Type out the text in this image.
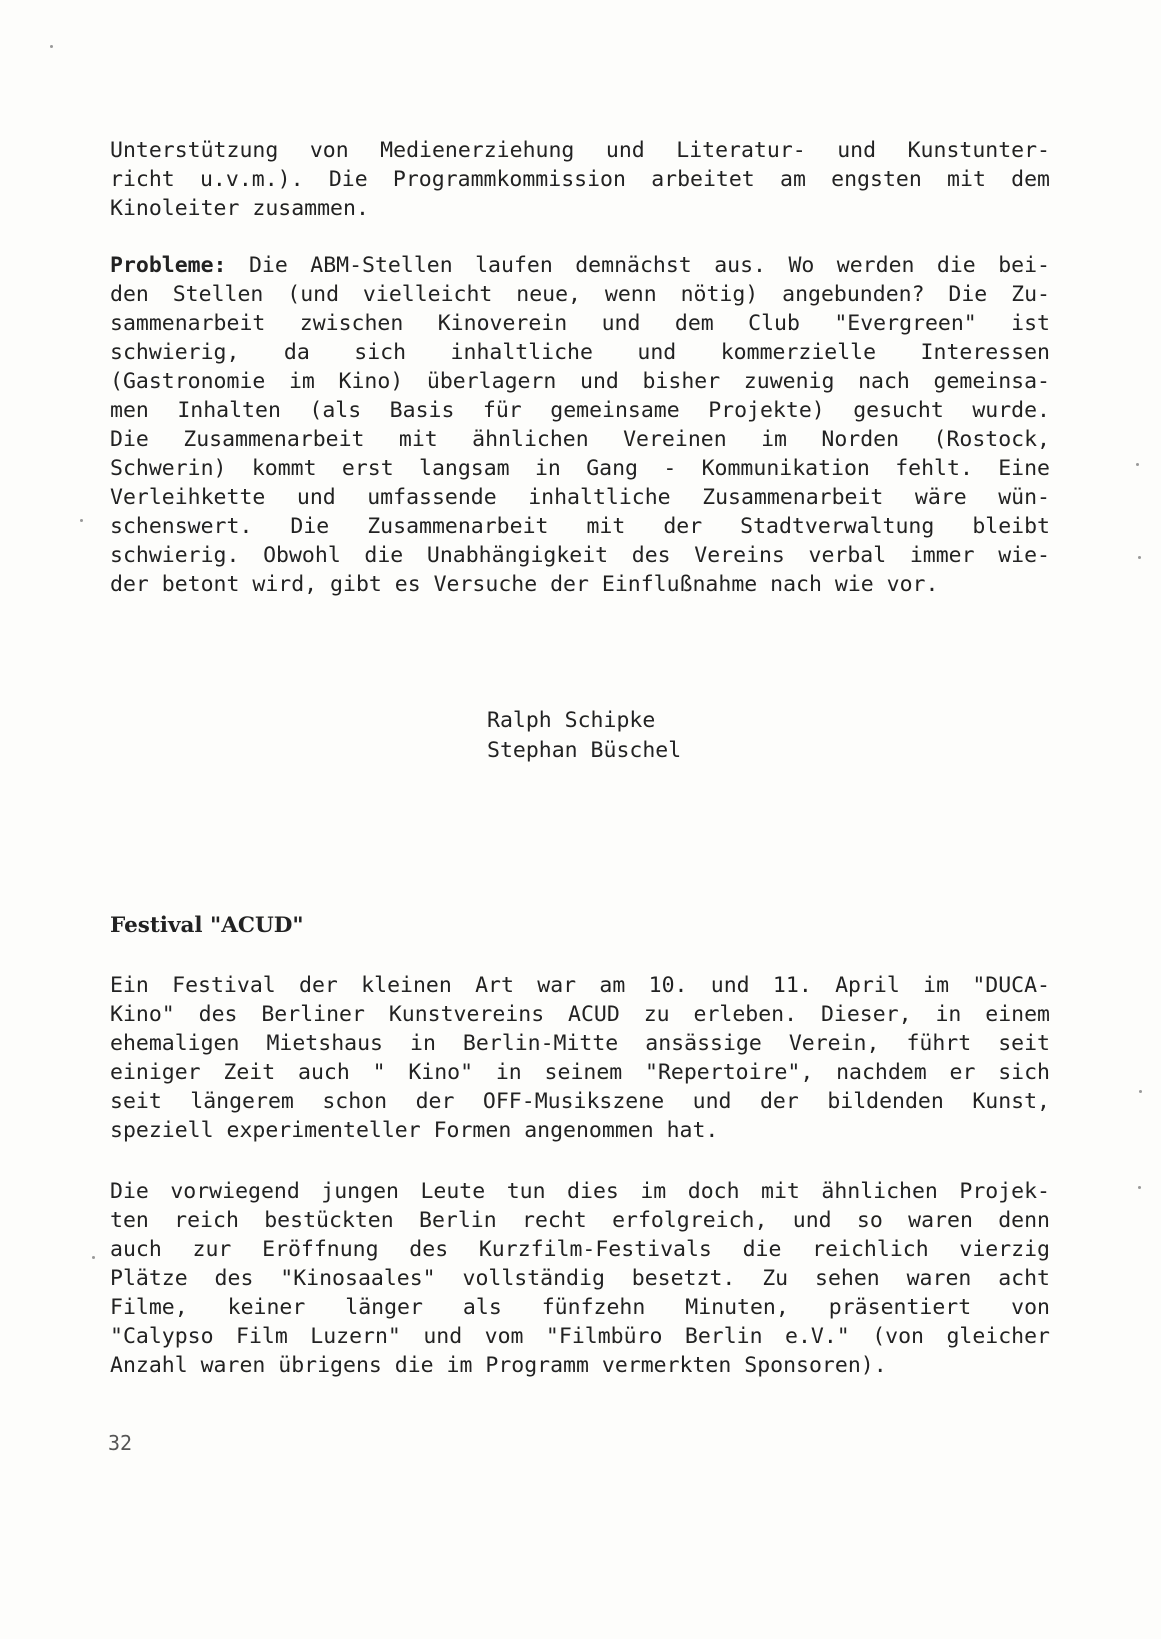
Unterstützung von Medienerziehung und Literatur- und Kunstunter-
richt u.v.m.). Die Programmkommission arbeitet am engsten mit dem
Kinoleiter zusammen.
Probleme: Die ABM-Stellen laufen demnächst aus. Wo werden die bei-
den Stellen (und vielleicht neue, wenn nötig) angebunden? Die Zu-
sammenarbeit zwischen Kinoverein und dem Club "Evergreen" ist
schwierig, da sich inhaltliche und kommerzielle Interessen
(Gastronomie im Kino) überlagern und bisher zuwenig nach gemeinsa-
men Inhalten (als Basis für gemeinsame Projekte) gesucht wurde.
Die Zusammenarbeit mit ähnlichen Vereinen im Norden (Rostock,
Schwerin) kommt erst langsam in Gang - Kommunikation fehlt. Eine
Verleihkette und umfassende inhaltliche Zusammenarbeit wäre wün-
schenswert. Die Zusammenarbeit mit der Stadtverwaltung bleibt
schwierig. Obwohl die Unabhängigkeit des Vereins verbal immer wie-
der betont wird, gibt es Versuche der Einflußnahme nach wie vor.
Ralph Schipke
Stephan Büschel
Festival "ACUD"
Ein Festival der kleinen Art war am 10. und 11. April im "DUCA-
Kino" des Berliner Kunstvereins ACUD zu erleben. Dieser, in einem
ehemaligen Mietshaus in Berlin-Mitte ansässige Verein, führt seit
einiger Zeit auch " Kino" in seinem "Repertoire", nachdem er sich
seit längerem schon der OFF-Musikszene und der bildenden Kunst,
speziell experimenteller Formen angenommen hat.
Die vorwiegend jungen Leute tun dies im doch mit ähnlichen Projek-
ten reich bestückten Berlin recht erfolgreich, und so waren denn
auch zur Eröffnung des Kurzfilm-Festivals die reichlich vierzig
Plätze des "Kinosaales" vollständig besetzt. Zu sehen waren acht
Filme, keiner länger als fünfzehn Minuten, präsentiert von
"Calypso Film Luzern" und vom "Filmbüro Berlin e.V." (von gleicher
Anzahl waren übrigens die im Programm vermerkten Sponsoren).
32
